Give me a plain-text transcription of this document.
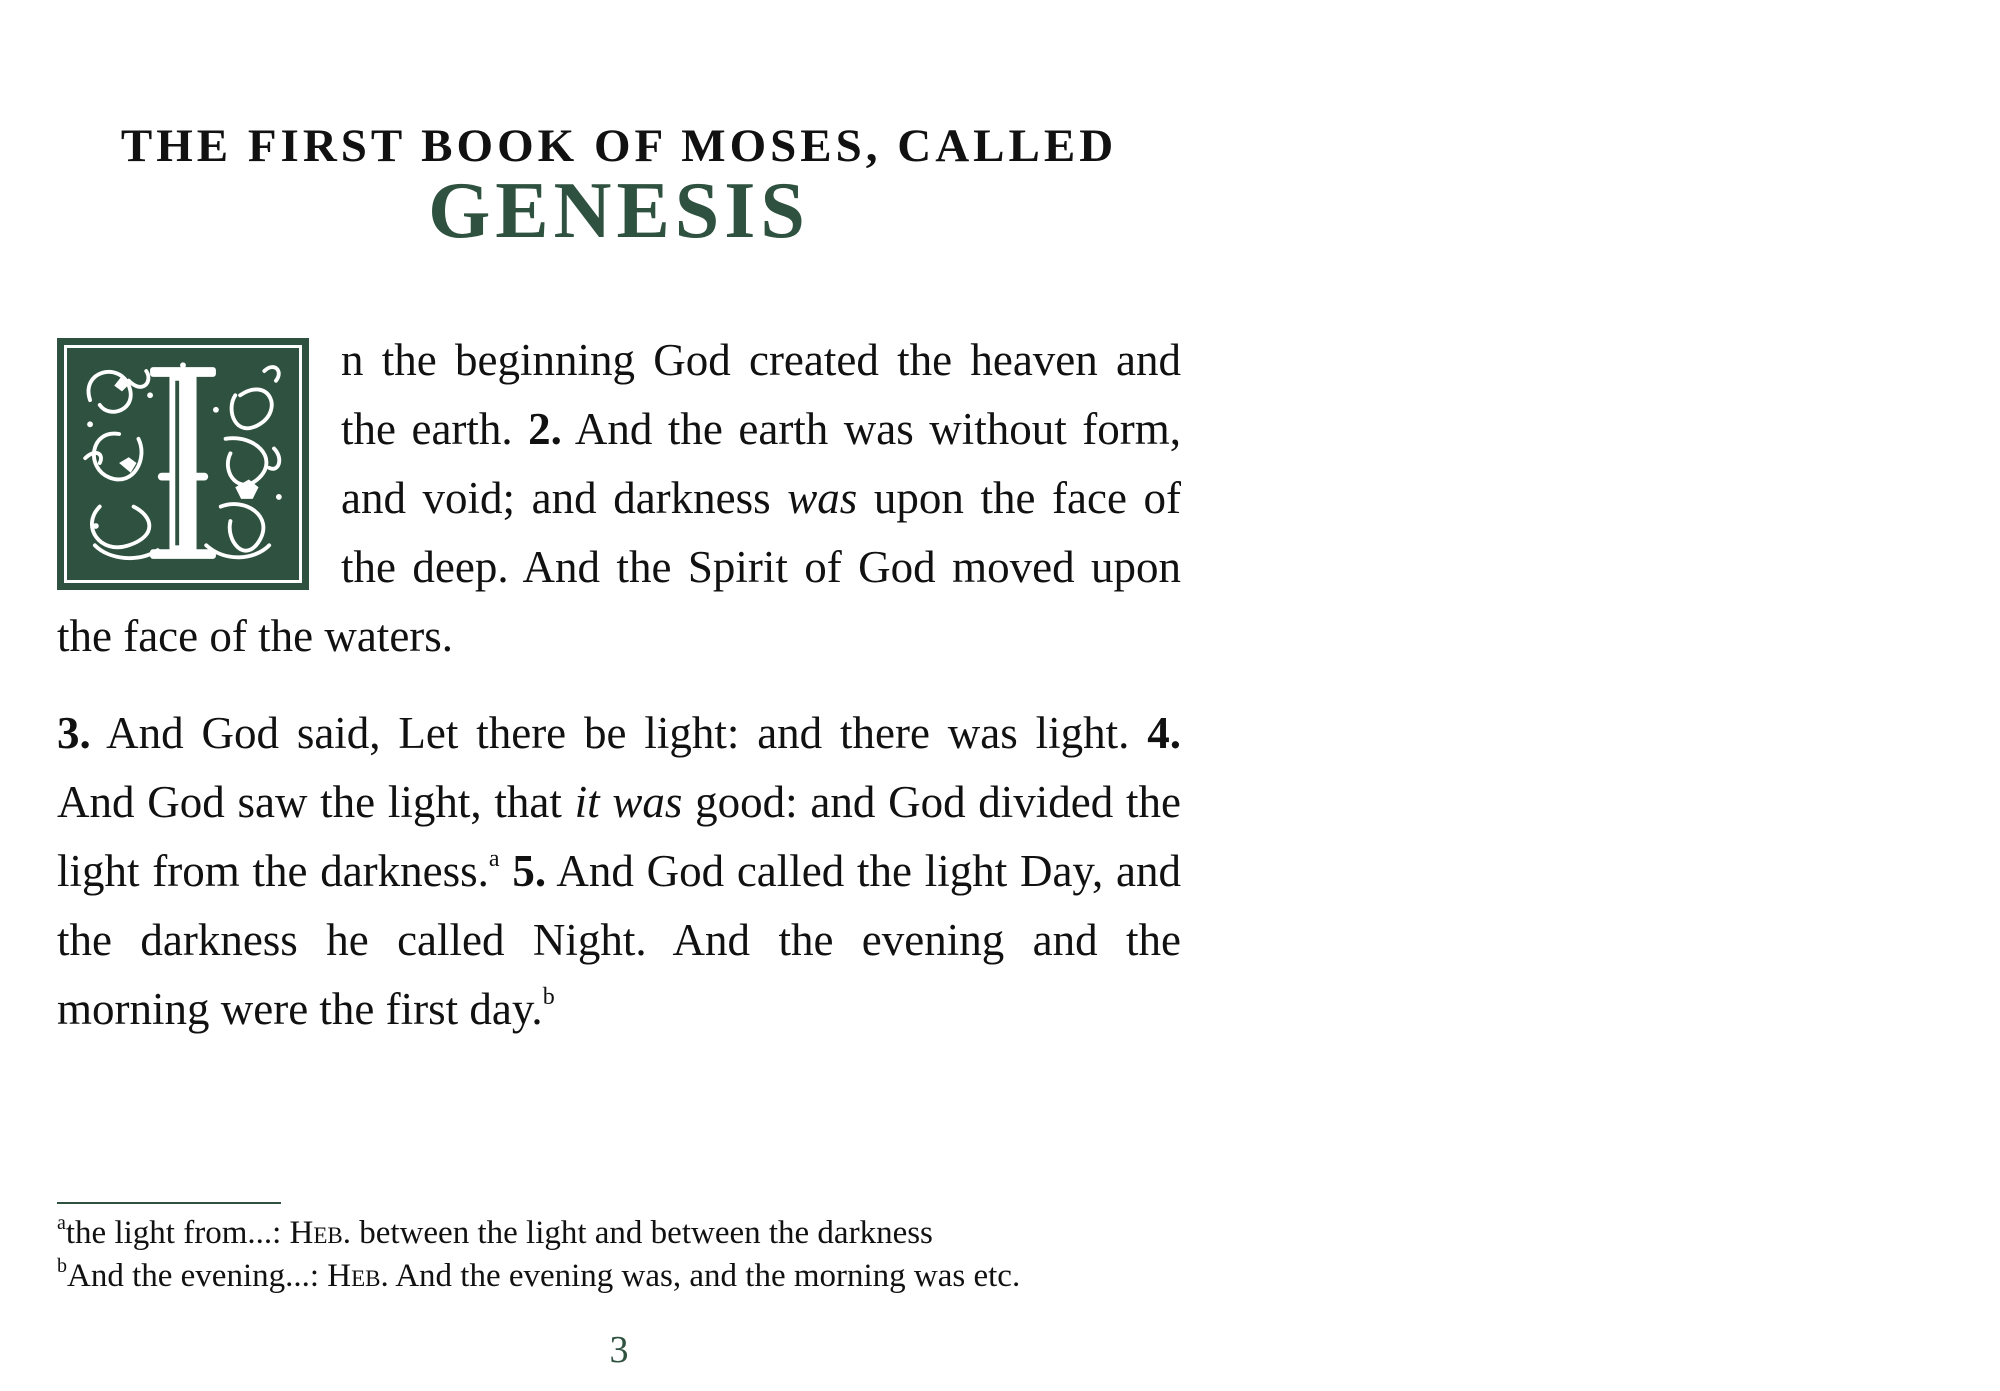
THE FIRST BOOK OF MOSES, CALLED
GENESIS

n the beginning God created the heaven and the earth. 2. And the earth was without form, and void; and darkness was upon the face of the deep. And the Spirit of God moved upon the face of the waters.

3. And God said, Let there be light: and there was light. 4. And God saw the light, that it was good: and God divided the light from the darkness.$^a$ 5. And God called the light Day, and the darkness he called Night. And the evening and the morning were the first day.$^b$

$^a$the light from...: Heb. between the light and between the darkness
$^b$And the evening...: Heb. And the evening was, and the morning was etc.
3
